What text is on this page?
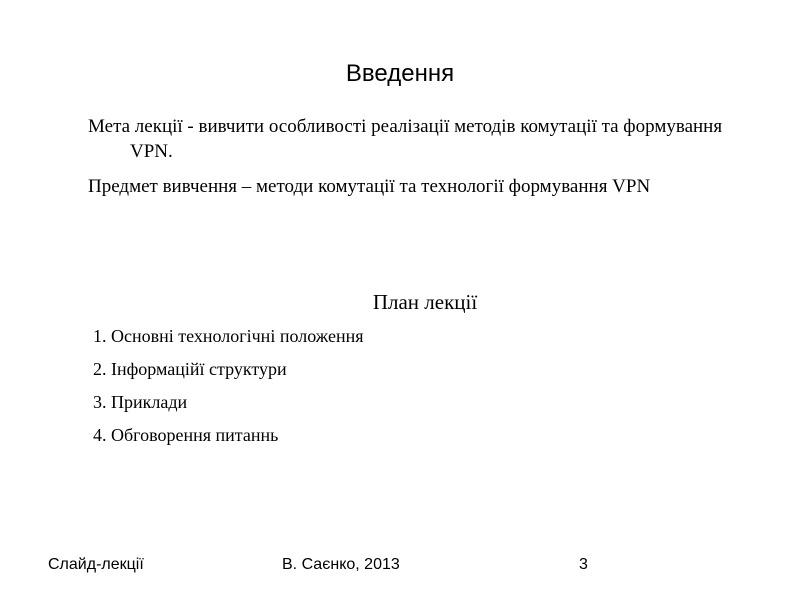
Введення

Мета лекції - вивчити особливості реалізації методів комутації та формування VPN.

Предмет вивчення – методи комутації та технології формування VPN

План лекції
1. Основні технологічні положення
2. Інформаційї структури
3. Приклади
4. Обговорення питаннь
Слайд-лекції	В. Саєнко, 2013	3
